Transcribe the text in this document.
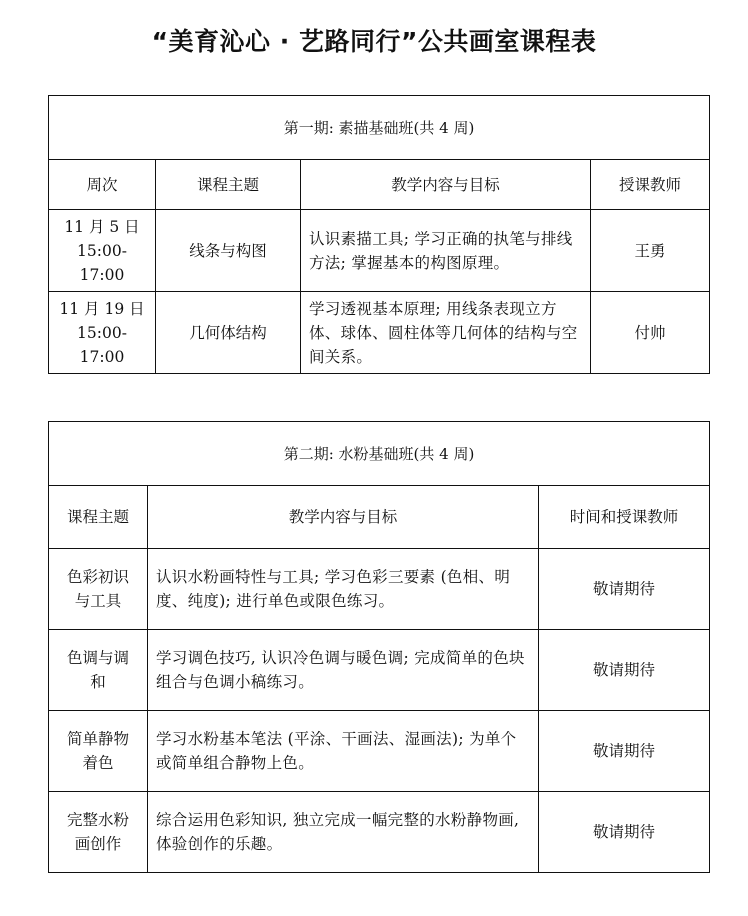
“美育沁心 · 艺路同行”公共画室课程表
第一期: 素描基础班(共 4 周)			
周次	课程主题	教学内容与目标	授课教师

11 月 5 日
15:00-17:00	线条与构图	认识素描工具; 学习正确的执笔与排线方法; 掌握基本的构图原理。	王勇

11 月 19 日
15:00-17:00	几何体结构	学习透视基本原理; 用线条表现立方体、球体、圆柱体等几何体的结构与空间关系。	付帅
第二期: 水粉基础班(共 4 周)		
课程主题	教学内容与目标	时间和授课教师

色彩初识
与工具	认识水粉画特性与工具; 学习色彩三要素 (色相、明度、纯度); 进行单色或限色练习。	敬请期待

色调与调
和	学习调色技巧, 认识冷色调与暖色调; 完成简单的色块组合与色调小稿练习。	敬请期待

简单静物
着色	学习水粉基本笔法 (平涂、干画法、湿画法); 为单个或简单组合静物上色。	敬请期待

完整水粉
画创作	综合运用色彩知识, 独立完成一幅完整的水粉静物画, 体验创作的乐趣。	敬请期待
